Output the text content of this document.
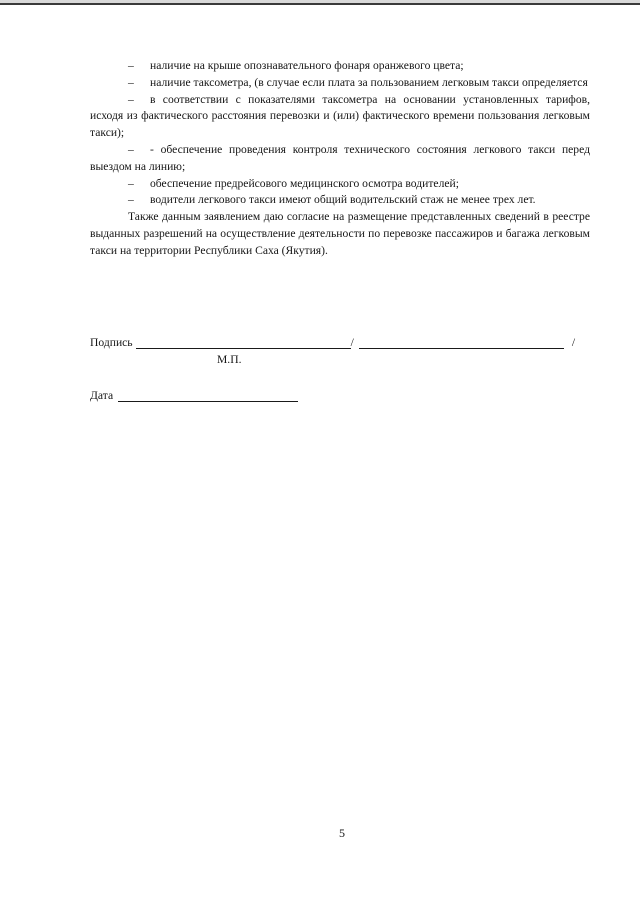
– наличие на крыше опознавательного фонаря оранжевого цвета;

– наличие таксометра, (в случае если плата за пользованием легковым такси определяется

– в соответствии с показателями таксометра на основании установленных тарифов, исходя из фактического расстояния перевозки и (или) фактического времени пользования легковым такси);

– - обеспечение проведения контроля технического состояния легкового такси перед выездом на линию;

– обеспечение предрейсового медицинского осмотра водителей;

– водители легкового такси имеют общий водительский стаж не менее трех лет.

Также данным заявлением даю согласие на размещение представленных сведений в реестре выданных разрешений на осуществление деятельности по перевозке пассажиров и багажа легковым такси на территории Республики Саха (Якутия).

Подпись	/	/
М.П.
Дата
5
